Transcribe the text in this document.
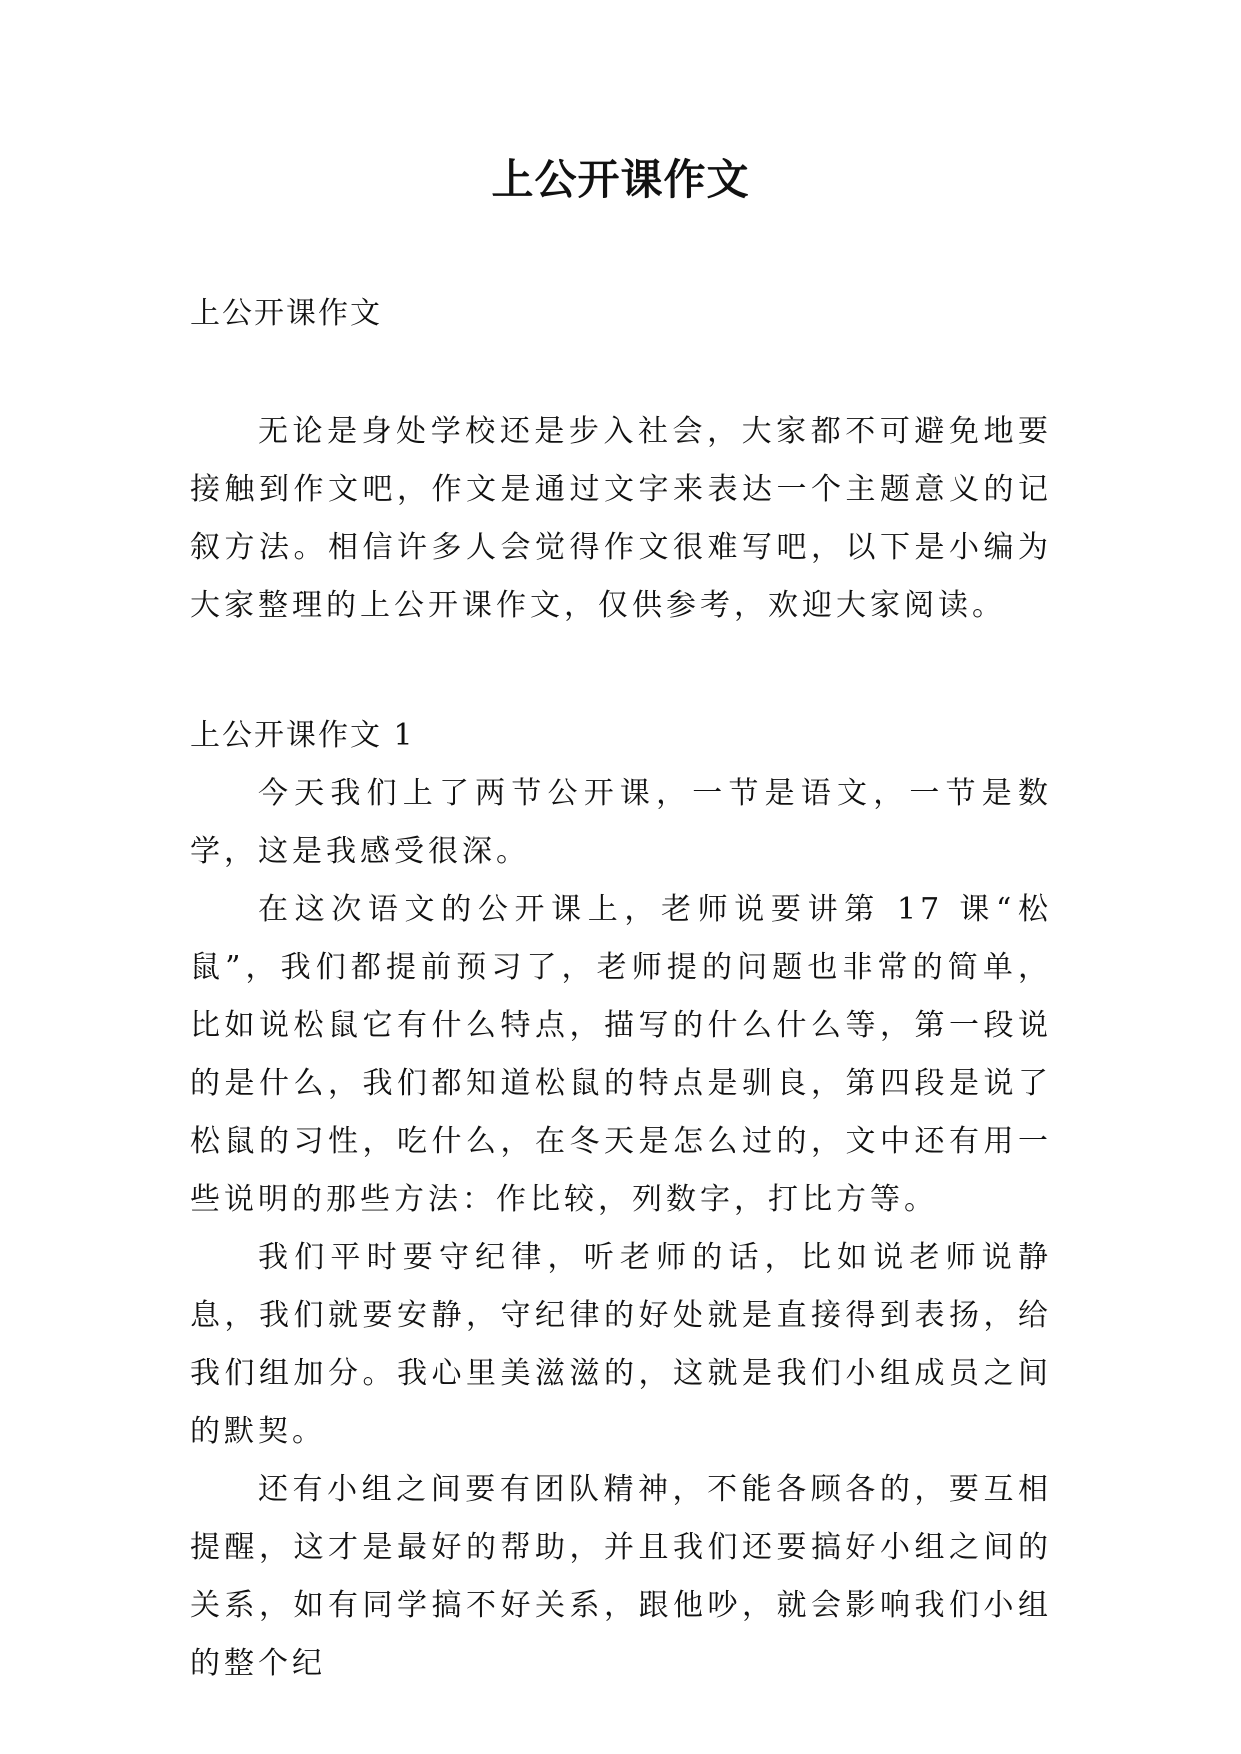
上公开课作文
上公开课作文

无论是身处学校还是步入社会，大家都不可避免地要接触到作文吧，作文是通过文字来表达一个主题意义的记叙方法。相信许多人会觉得作文很难写吧，以下是小编为大家整理的上公开课作文，仅供参考，欢迎大家阅读。

上公开课作文 1

今天我们上了两节公开课，一节是语文，一节是数学，这是我感受很深。

在这次语文的公开课上，老师说要讲第 17 课“松鼠”，我们都提前预习了，老师提的问题也非常的简单，比如说松鼠它有什么特点，描写的什么什么等，第一段说的是什么，我们都知道松鼠的特点是驯良，第四段是说了松鼠的习性，吃什么，在冬天是怎么过的，文中还有用一些说明的那些方法：作比较，列数字，打比方等。

我们平时要守纪律，听老师的话，比如说老师说静息，我们就要安静，守纪律的好处就是直接得到表扬，给我们组加分。我心里美滋滋的，这就是我们小组成员之间的默契。

还有小组之间要有团队精神，不能各顾各的，要互相提醒，这才是最好的帮助，并且我们还要搞好小组之间的关系，如有同学搞不好关系，跟他吵，就会影响我们小组的整个纪
